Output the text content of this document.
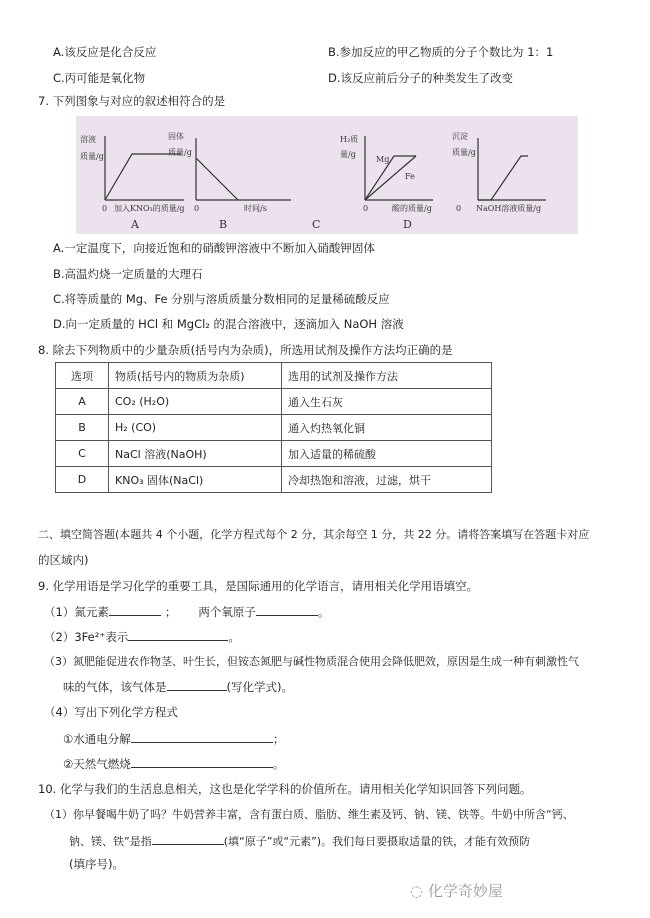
A.该反应是化合反应	B.参加反应的甲乙物质的分子个数比为 1：1
C.丙可能是氧化物	D.该反应前后分子的种类发生了改变
7. 下列图象与对应的叙述相符合的是
溶液
质量/g
0 加入KNO₃的质量/g
A
固体
质量/g
0	时间/s
B
H₂质
量/g
0	酸的质量/g
Mg
Fe
C
沉淀
质量/g
0 NaOH溶液质量/g
D
A.一定温度下，向接近饱和的硝酸钾溶液中不断加入硝酸钾固体
B.高温灼烧一定质量的大理石
C.将等质量的 Mg、Fe 分别与溶质质量分数相同的足量稀硫酸反应
D.向一定质量的 HCl 和 MgCl₂ 的混合溶液中，逐滴加入 NaOH 溶液
8. 除去下列物质中的少量杂质(括号内为杂质)，所选用试剂及操作方法均正确的是
选项	物质(括号内的物质为杂质)	选用的试剂及操作方法
A	CO₂ (H₂O)	通入生石灰
B	H₂ (CO)	通入灼热氧化铜
C	NaCl 溶液(NaOH)	加入适量的稀硫酸
D	KNO₃ 固体(NaCl)	冷却热饱和溶液，过滤，烘干
二、填空简答题(本题共 4 个小题，化学方程式每个 2 分，其余每空 1 分，共 22 分。请将答案填写在答题卡对应
的区域内)
9. 化学用语是学习化学的重要工具，是国际通用的化学语言，请用相关化学用语填空。
（1）氮元素	； 两个氧原子	。
（2）3Fe²⁺表示	。
（3）氮肥能促进农作物茎、叶生长，但铵态氮肥与碱性物质混合使用会降低肥效，原因是生成一种有刺激性气
味的气体，该气体是	(写化学式)。
（4）写出下列化学方程式
①水通电分解	；
②天然气燃烧	。
10. 化学与我们的生活息息相关，这也是化学学科的价值所在。请用相关化学知识回答下列问题。
（1）你早餐喝牛奶了吗？牛奶营养丰富，含有蛋白质、脂肪、维生素及钙、钠、镁、铁等。牛奶中所含“钙、
钠、镁、铁”是指	(填“原子”或“元素”)。我们每日要摄取适量的铁，才能有效预防
(填序号)。
◌ 化学奇妙屋
